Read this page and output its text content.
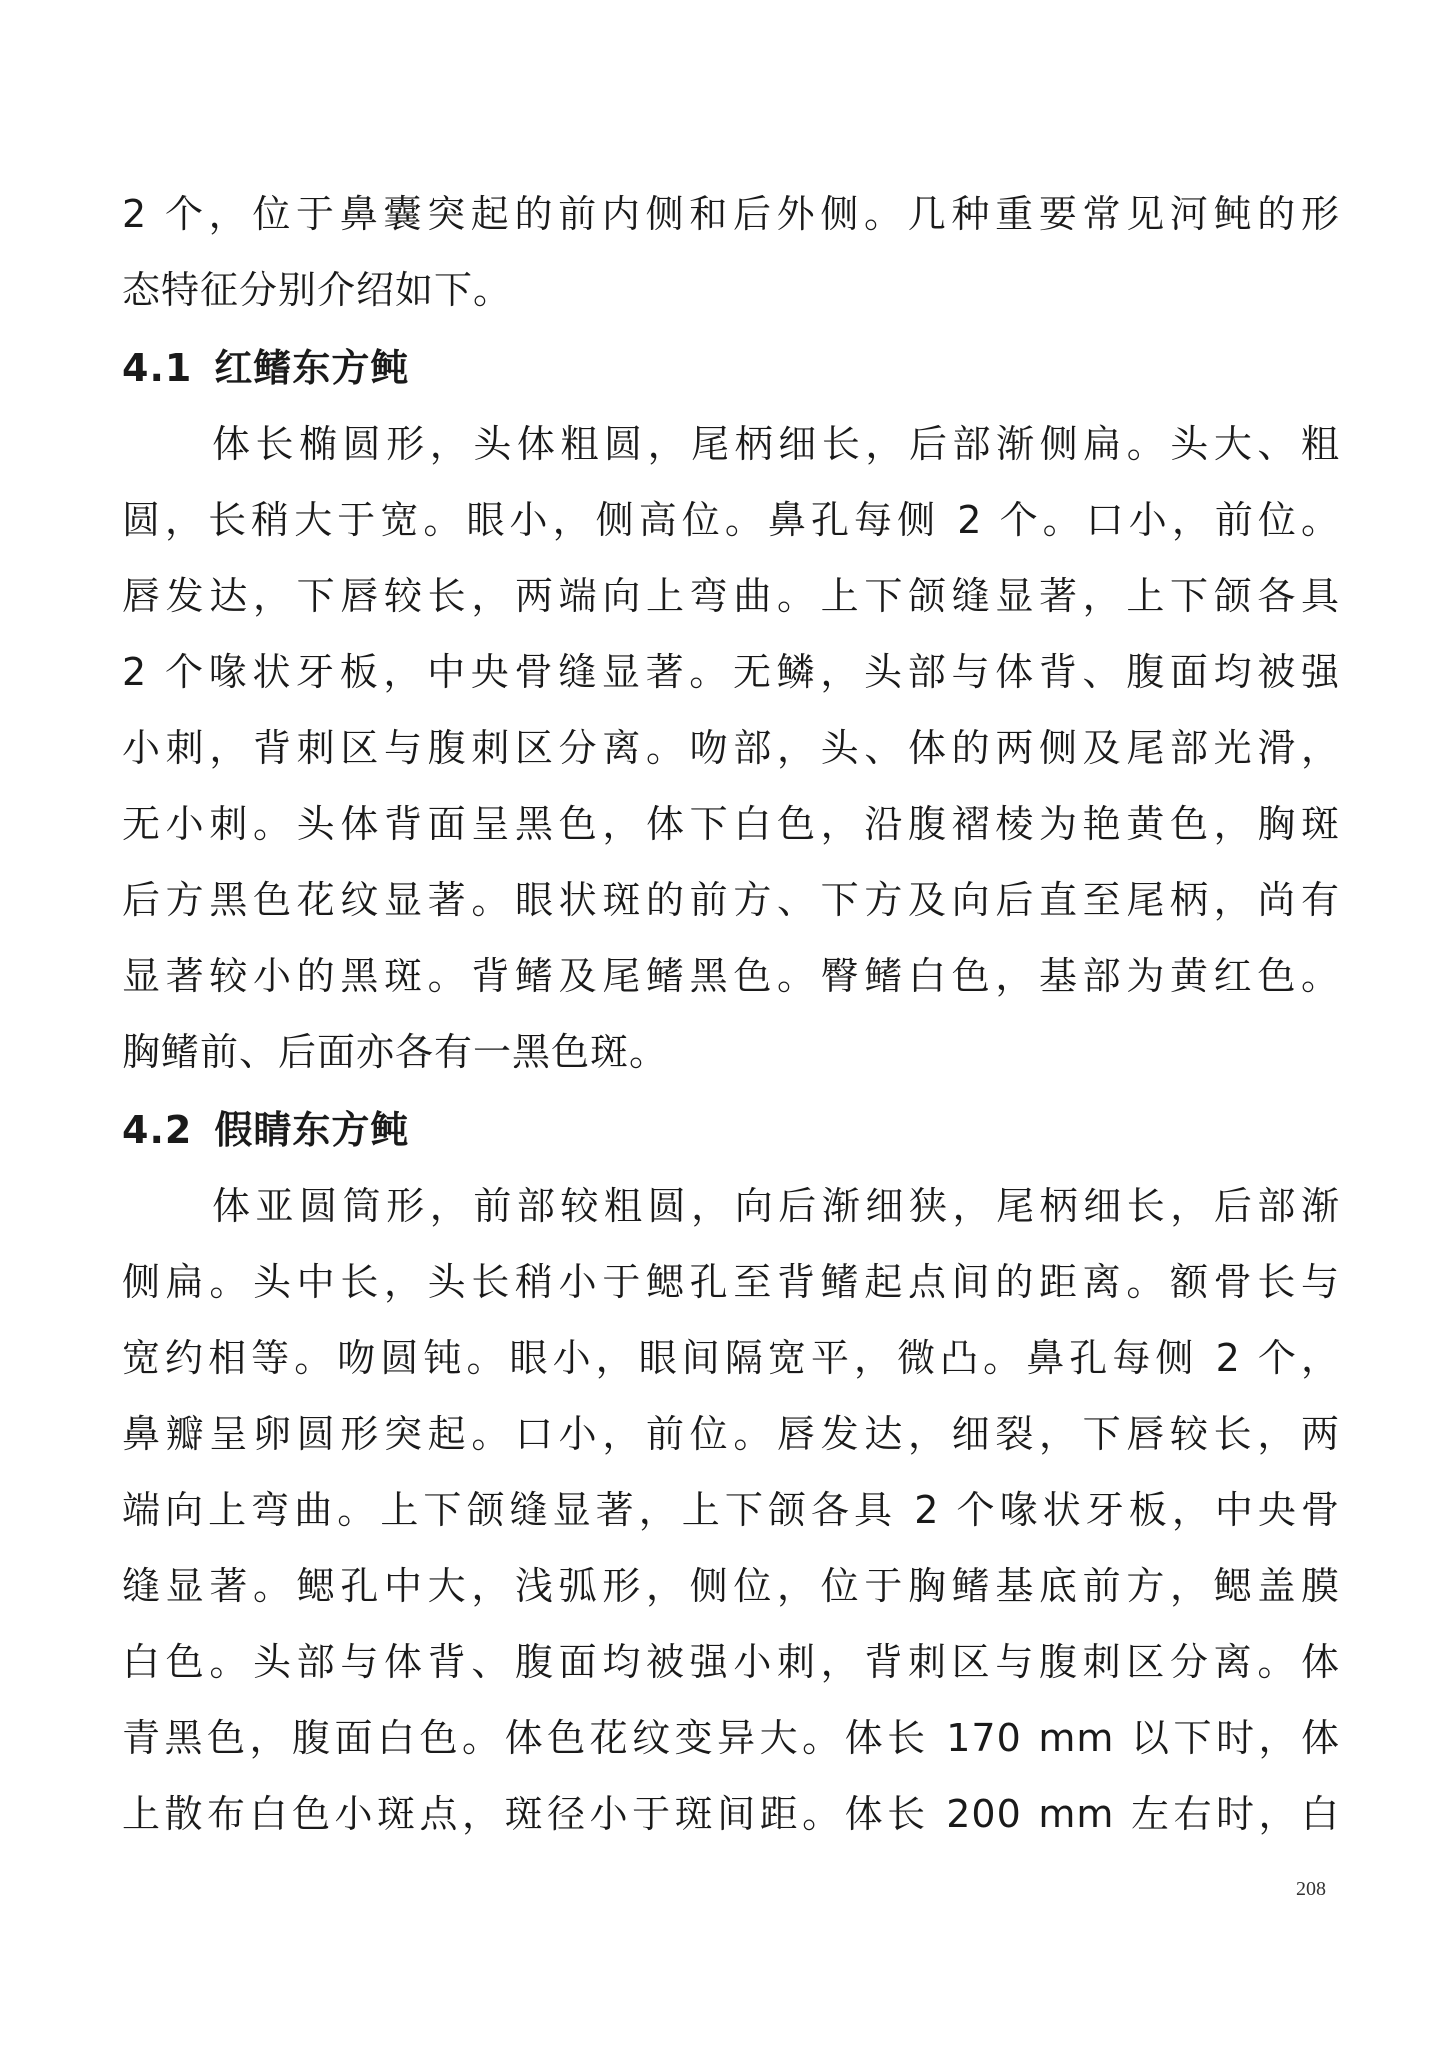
2 个，位于鼻囊突起的前内侧和后外侧。几种重要常见河鲀的形
态特征分别介绍如下。
4.1 红鳍东方鲀
体长椭圆形，头体粗圆，尾柄细长，后部渐侧扁。头大、粗
圆，长稍大于宽。眼小，侧高位。鼻孔每侧 2 个。口小，前位。
唇发达，下唇较长，两端向上弯曲。上下颌缝显著，上下颌各具
2 个喙状牙板，中央骨缝显著。无鳞，头部与体背、腹面均被强
小刺，背刺区与腹刺区分离。吻部，头、体的两侧及尾部光滑，
无小刺。头体背面呈黑色，体下白色，沿腹褶棱为艳黄色，胸斑
后方黑色花纹显著。眼状斑的前方、下方及向后直至尾柄，尚有
显著较小的黑斑。背鳍及尾鳍黑色。臀鳍白色，基部为黄红色。
胸鳍前、后面亦各有一黑色斑。
4.2 假睛东方鲀
体亚圆筒形，前部较粗圆，向后渐细狭，尾柄细长，后部渐
侧扁。头中长，头长稍小于鳃孔至背鳍起点间的距离。额骨长与
宽约相等。吻圆钝。眼小，眼间隔宽平，微凸。鼻孔每侧 2 个，
鼻瓣呈卵圆形突起。口小，前位。唇发达，细裂，下唇较长，两
端向上弯曲。上下颌缝显著，上下颌各具 2 个喙状牙板，中央骨
缝显著。鳃孔中大，浅弧形，侧位，位于胸鳍基底前方，鳃盖膜
白色。头部与体背、腹面均被强小刺，背刺区与腹刺区分离。体
青黑色，腹面白色。体色花纹变异大。体长 170 mm 以下时，体
上散布白色小斑点，斑径小于斑间距。体长 200 mm 左右时，白
208
